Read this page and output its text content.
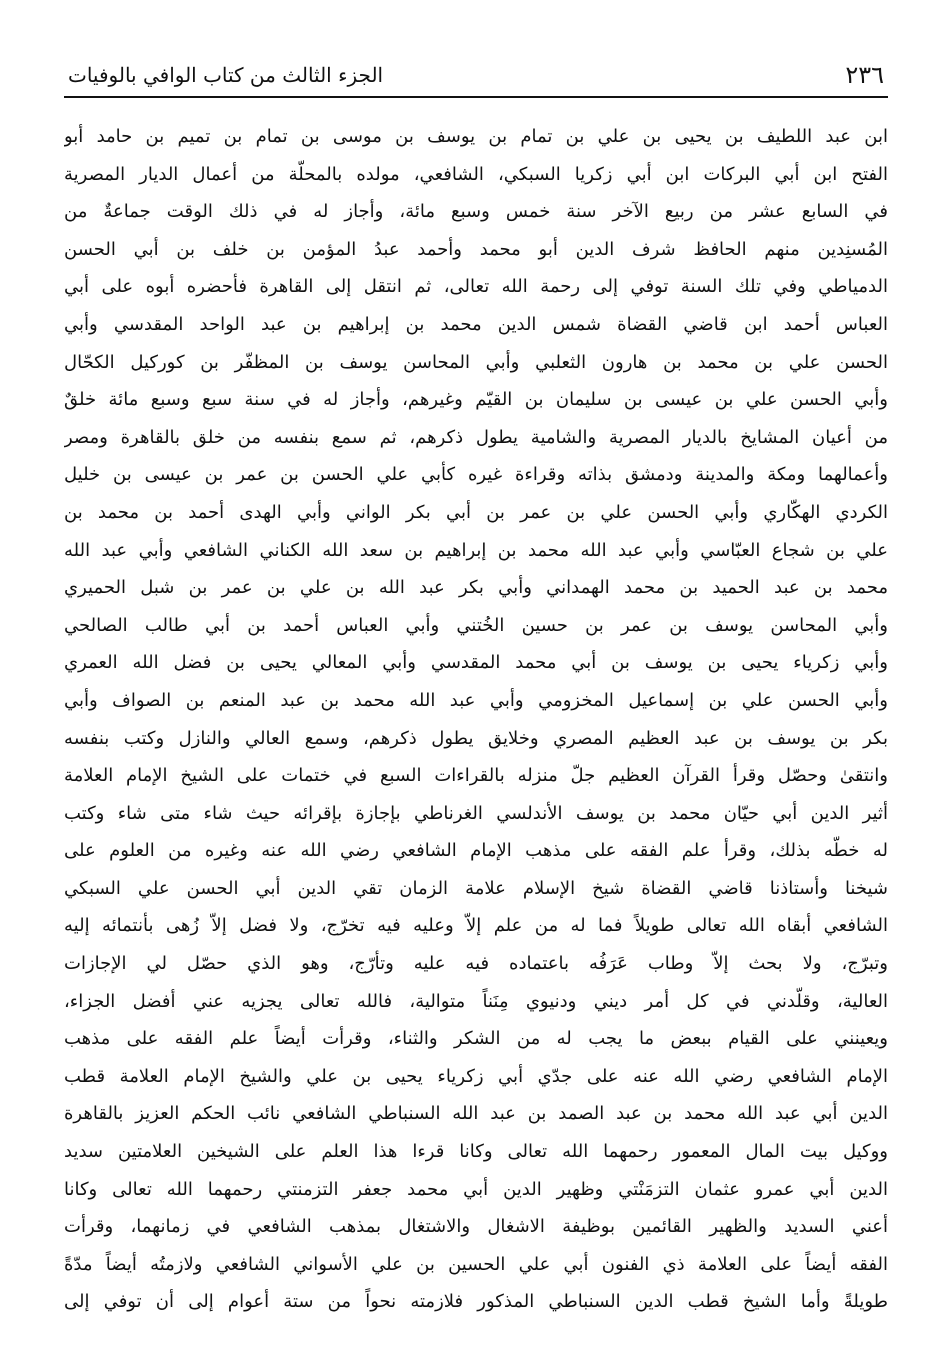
٢٣٦
الجزء الثالث من كتاب الوافي بالوفيات
ابن عبد اللطيف بن يحيى بن علي بن تمام بن يوسف بن موسى بن تمام بن تميم بن حامد أبو
الفتح ابن أبي البركات ابن أبي زكريا السبكي، الشافعي، مولده بالمحلّة من أعمال الديار المصرية
في السابع عشر من ربيع الآخر سنة خمس وسبع مائة، وأجاز له في ذلك الوقت جماعةٌ من
المُسنِدين منهم الحافظ شرف الدين أبو محمد وأحمد عبدُ المؤمن بن خلف بن أبي الحسن
الدمياطي وفي تلك السنة توفي إلى رحمة الله تعالى، ثم انتقل إلى القاهرة فأحضره أبوه على أبي
العباس أحمد ابن قاضي القضاة شمس الدين محمد بن إبراهيم بن عبد الواحد المقدسي وأبي
الحسن علي بن محمد بن هارون الثعلبي وأبي المحاسن يوسف بن المظفّر بن كوركيل الكحّال
وأبي الحسن علي بن عيسى بن سليمان بن القيّم وغيرهم، وأجاز له في سنة سبع وسبع مائة خلقٌ
من أعيان المشايخ بالديار المصرية والشامية يطول ذكرهم، ثم سمع بنفسه من خلق بالقاهرة ومصر
وأعمالهما ومكة والمدينة ودمشق بذاته وقراءة غيره كأبي علي الحسن بن عمر بن عيسى بن خليل
الكردي الهكّاري وأبي الحسن علي بن عمر بن أبي بكر الواني وأبي الهدى أحمد بن محمد بن
علي بن شجاع العبّاسي وأبي عبد الله محمد بن إبراهيم بن سعد الله الكناني الشافعي وأبي عبد الله
محمد بن عبد الحميد بن محمد الهمداني وأبي بكر عبد الله بن علي بن عمر بن شبل الحميري
وأبي المحاسن يوسف بن عمر بن حسين الخُتني وأبي العباس أحمد بن أبي طالب الصالحي
وأبي زكرياء يحيى بن يوسف بن أبي محمد المقدسي وأبي المعالي يحيى بن فضل الله العمري
وأبي الحسن علي بن إسماعيل المخزومي وأبي عبد الله محمد بن عبد المنعم بن الصواف وأبي
بكر بن يوسف بن عبد العظيم المصري وخلايق يطول ذكرهم، وسمع العالي والنازل وكتب بنفسه
وانتقىٰ وحصّل وقرأ القرآن العظيم جلّ منزله بالقراءات السبع في ختمات على الشيخ الإمام العلامة
أثير الدين أبي حيّان محمد بن يوسف الأندلسي الغرناطي بإجازة بإقرائه حيث شاء متى شاء وكتب
له خطّه بذلك، وقرأ علم الفقه على مذهب الإمام الشافعي رضي الله عنه وغيره من العلوم على
شيخنا وأستاذنا قاضي القضاة شيخ الإسلام علامة الزمان تقي الدين أبي الحسن علي السبكي
الشافعي أبقاه الله تعالى طويلاً فما له من علم إلاّ وعليه فيه تخرّج، ولا فضل إلاّ زُهى بأنتمائه إليه
وتبرّج، ولا بحث إلاّ وطاب عَرَفُه باعتماده فيه عليه وتأرّج، وهو الذي حصّل لي الإجازات
العالية، وقلّدني في كل أمر ديني ودنيوي مِنَناً متوالية، فالله تعالى يجزيه عني أفضل الجزاء،
ويعينني على القيام ببعض ما يجب له من الشكر والثناء، وقرأت أيضاً علم الفقه على مذهب
الإمام الشافعي رضي الله عنه على جدّي أبي زكرياء يحيى بن علي والشيخ الإمام العلامة قطب
الدين أبي عبد الله محمد بن عبد الصمد بن عبد الله السنباطي الشافعي نائب الحكم العزيز بالقاهرة
ووكيل بيت المال المعمور رحمهما الله تعالى وكانا قرءا هذا العلم على الشيخين العلامتين سديد
الدين أبي عمرو عثمان التزمَنْتي وظهير الدين أبي محمد جعفر التزمنتي رحمهما الله تعالى وكانا
أعني السديد والظهير القائمين بوظيفة الاشغال والاشتغال بمذهب الشافعي في زمانهما، وقرأت
الفقه أيضاً على العلامة ذي الفنون أبي علي الحسين بن علي الأسواني الشافعي ولازمتُه أيضاً مدّةً
طويلةً وأما الشيخ قطب الدين السنباطي المذكور فلازمته نحواً من ستة أعوام إلى أن توفي إلى
